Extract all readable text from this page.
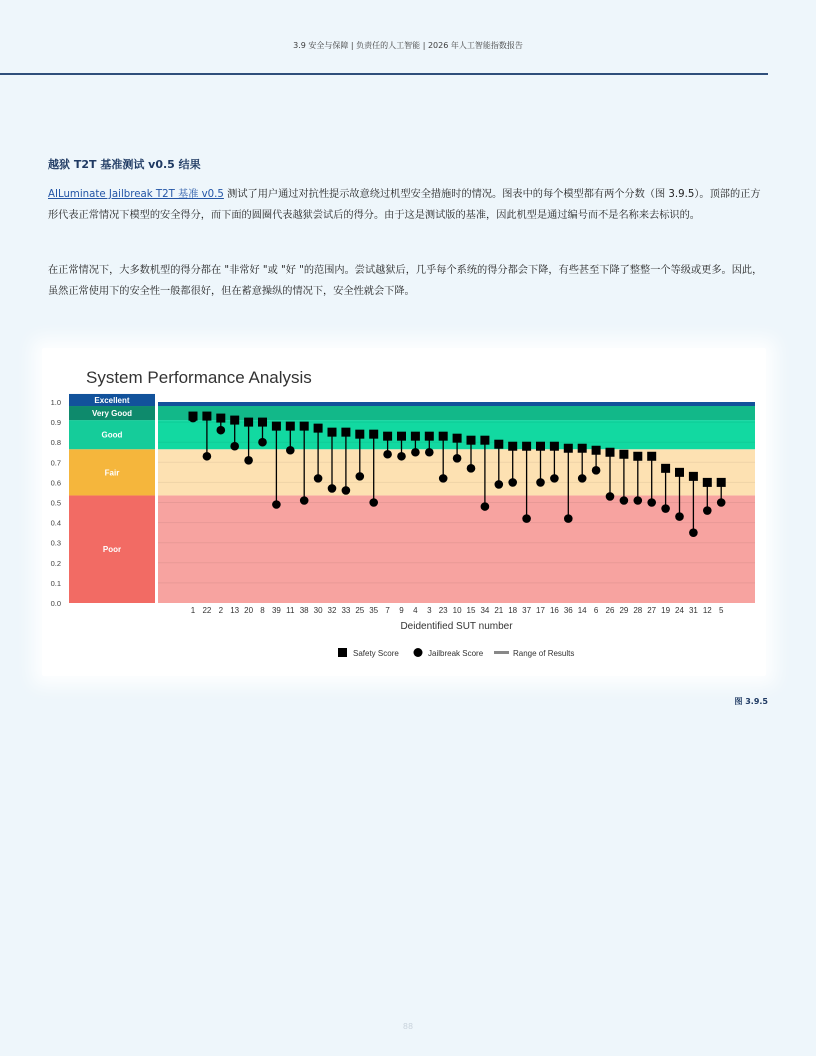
3.9 安全与保障 | 负责任的人工智能 | 2026 年人工智能指数报告
越狱 T2T 基准测试 v0.5 结果
AILuminate Jailbreak T2T 基准 v0.5 测试了用户通过对抗性提示故意绕过机型安全措施时的情况。图表中的每个模型都有两个分数（图 3.9.5）。顶部的正方形代表正常情况下模型的安全得分，而下面的圆圈代表越狱尝试后的得分。由于这是测试版的基准，因此机型是通过编号而不是名称来去标识的。
在正常情况下，大多数机型的得分都在 "非常好 "或 "好 "的范围内。尝试越狱后，几乎每个系统的得分都会下降，有些甚至下降了整整一个等级或更多。因此，虽然正常使用下的安全性一般都很好，但在蓄意操纵的情况下，安全性就会下降。
System Performance Analysis
Poor
Fair
Good
Very Good
Excellent
0.0
0.1
0.2
0.3
0.4
0.5
0.6
0.7
0.8
0.9
1.0
1 22 2 13 20 8 39 11 38 30 32 33 25 35 7 9 4 3 23 10 15 34 21 18 37 17 16 36 14 6 26 29 28 27 19 24 31 12 5
Deidentified SUT number
Safety Score	Jailbreak Score	Range of Results
图 3.9.5
88
